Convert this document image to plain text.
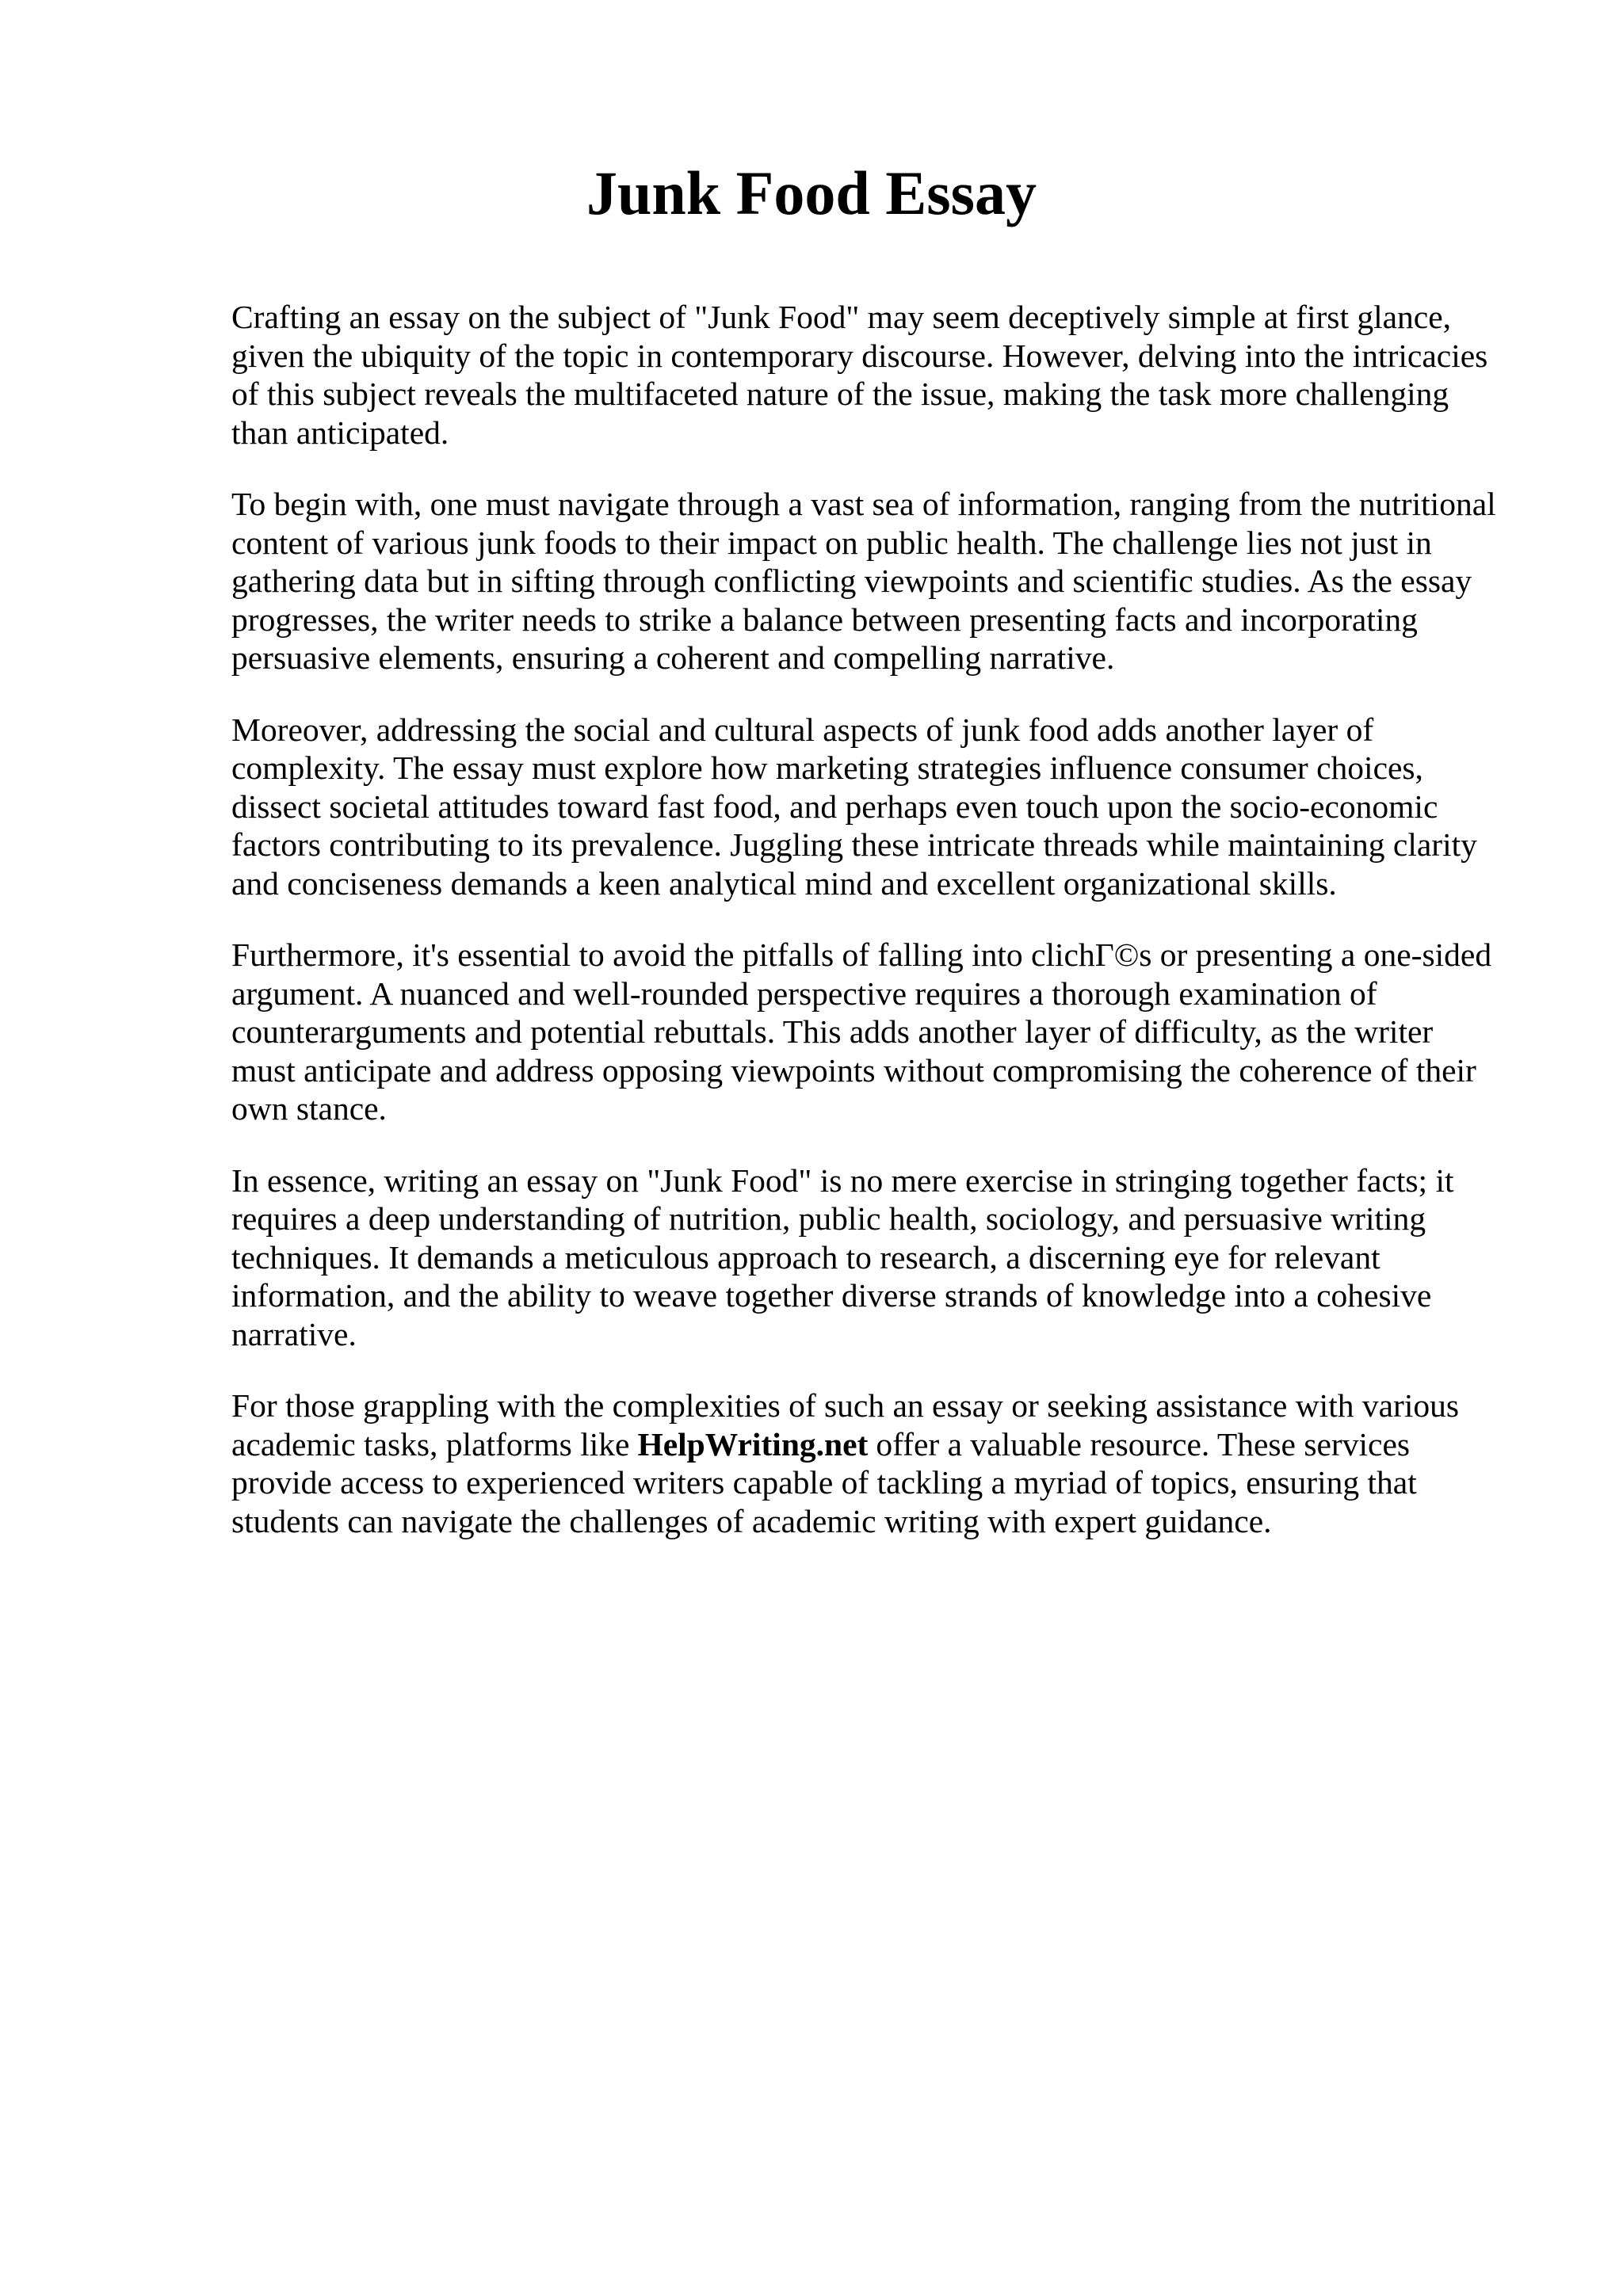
Junk Food Essay

Crafting an essay on the subject of "Junk Food" may seem deceptively simple at first glance,
given the ubiquity of the topic in contemporary discourse. However, delving into the intricacies
of this subject reveals the multifaceted nature of the issue, making the task more challenging
than anticipated.

To begin with, one must navigate through a vast sea of information, ranging from the nutritional
content of various junk foods to their impact on public health. The challenge lies not just in
gathering data but in sifting through conflicting viewpoints and scientific studies. As the essay
progresses, the writer needs to strike a balance between presenting facts and incorporating
persuasive elements, ensuring a coherent and compelling narrative.

Moreover, addressing the social and cultural aspects of junk food adds another layer of
complexity. The essay must explore how marketing strategies influence consumer choices,
dissect societal attitudes toward fast food, and perhaps even touch upon the socio-economic
factors contributing to its prevalence. Juggling these intricate threads while maintaining clarity
and conciseness demands a keen analytical mind and excellent organizational skills.

Furthermore, it's essential to avoid the pitfalls of falling into clichГ©s or presenting a one-sided
argument. A nuanced and well-rounded perspective requires a thorough examination of
counterarguments and potential rebuttals. This adds another layer of difficulty, as the writer
must anticipate and address opposing viewpoints without compromising the coherence of their
own stance.

In essence, writing an essay on "Junk Food" is no mere exercise in stringing together facts; it
requires a deep understanding of nutrition, public health, sociology, and persuasive writing
techniques. It demands a meticulous approach to research, a discerning eye for relevant
information, and the ability to weave together diverse strands of knowledge into a cohesive
narrative.

For those grappling with the complexities of such an essay or seeking assistance with various
academic tasks, platforms like HelpWriting.net offer a valuable resource. These services
provide access to experienced writers capable of tackling a myriad of topics, ensuring that
students can navigate the challenges of academic writing with expert guidance.
